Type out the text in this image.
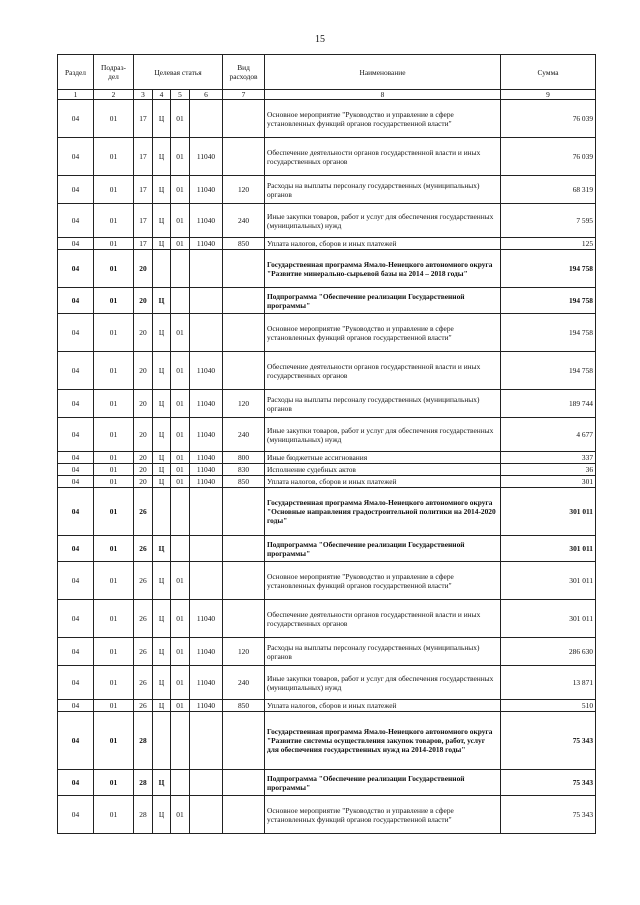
15
Раздел	Подраз-дел	Целевая статья				Вид расходов	Наименование	Сумма
1	2	3	4	5	6	7	8	9
04	01	17	Ц	01			Основное мероприятие "Руководство и управление в сфере установленных функций органов государственной власти"	76 039
04	01	17	Ц	01	11040		Обеспечение деятельности органов государственной власти и иных государственных органов	76 039
04	01	17	Ц	01	11040	120	Расходы на выплаты персоналу государственных (муниципальных) органов	68 319
04	01	17	Ц	01	11040	240	Иные закупки товаров, работ и услуг для обеспечения государственных (муниципальных) нужд	7 595
04	01	17	Ц	01	11040	850	Уплата налогов, сборов и иных платежей	125
04	01	20					Государственная программа Ямало-Ненецкого автономного округа "Развитие минерально-сырьевой базы на 2014 – 2018 годы"	194 758
04	01	20	Ц				Подпрограмма "Обеспечение реализации Государственной программы"	194 758
04	01	20	Ц	01			Основное мероприятие "Руководство и управление в сфере установленных функций органов государственной власти"	194 758
04	01	20	Ц	01	11040		Обеспечение деятельности органов государственной власти и иных государственных органов	194 758
04	01	20	Ц	01	11040	120	Расходы на выплаты персоналу государственных (муниципальных) органов	189 744
04	01	20	Ц	01	11040	240	Иные закупки товаров, работ и услуг для обеспечения государственных (муниципальных) нужд	4 677
04	01	20	Ц	01	11040	800	Иные бюджетные ассигнования	337
04	01	20	Ц	01	11040	830	Исполнение судебных актов	36
04	01	20	Ц	01	11040	850	Уплата налогов, сборов и иных платежей	301
04	01	26					Государственная программа Ямало-Ненецкого автономного округа "Основные направления градостроительной политики на 2014-2020 годы"	301 011
04	01	26	Ц				Подпрограмма "Обеспечение реализации Государственной программы"	301 011
04	01	26	Ц	01			Основное мероприятие "Руководство и управление в сфере установленных функций органов государственной власти"	301 011
04	01	26	Ц	01	11040		Обеспечение деятельности органов государственной власти и иных государственных органов	301 011
04	01	26	Ц	01	11040	120	Расходы на выплаты персоналу государственных (муниципальных) органов	286 630
04	01	26	Ц	01	11040	240	Иные закупки товаров, работ и услуг для обеспечения государственных (муниципальных) нужд	13 871
04	01	26	Ц	01	11040	850	Уплата налогов, сборов и иных платежей	510
04	01	28					Государственная программа Ямало-Ненецкого автономного округа "Развитие системы осуществления закупок товаров, работ, услуг для обеспечения государственных нужд на 2014-2018 годы"	75 343
04	01	28	Ц				Подпрограмма "Обеспечение реализации Государственной программы"	75 343
04	01	28	Ц	01			Основное мероприятие "Руководство и управление в сфере установленных функций органов государственной власти"	75 343
